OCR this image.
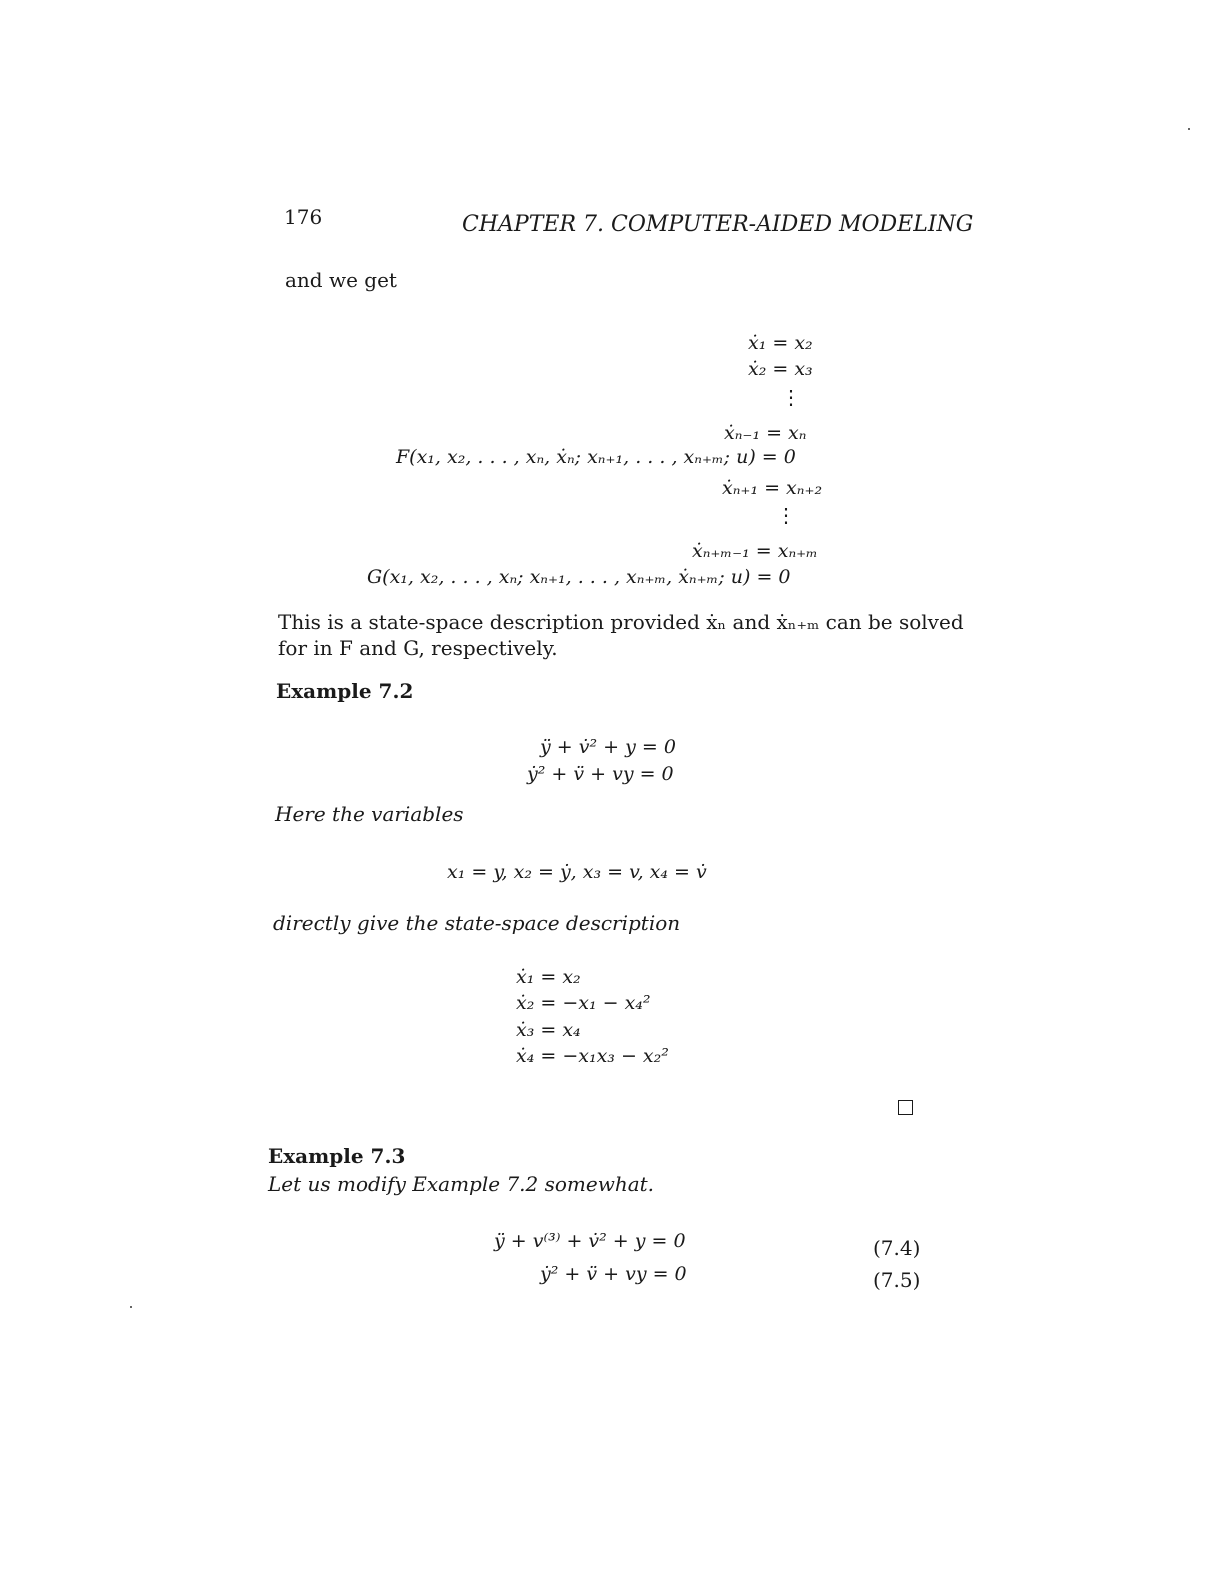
176	CHAPTER 7. COMPUTER-AIDED MODELING
and we get
ẋ₁ = x₂
ẋ₂ = x₃
⋮
ẋₙ₋₁ = xₙ
F(x₁, x₂, . . . , xₙ, ẋₙ; xₙ₊₁, . . . , xₙ₊ₘ; u) = 0
ẋₙ₊₁ = xₙ₊₂
⋮
ẋₙ₊ₘ₋₁ = xₙ₊ₘ
G(x₁, x₂, . . . , xₙ; xₙ₊₁, . . . , xₙ₊ₘ, ẋₙ₊ₘ; u) = 0
This is a state-space description provided ẋₙ and ẋₙ₊ₘ can be solved
for in F and G, respectively.
Example 7.2
ÿ + v̇² + y = 0
ẏ² + v̈ + vy = 0
Here the variables
x₁ = y, x₂ = ẏ, x₃ = v, x₄ = v̇
directly give the state-space description
ẋ₁ = x₂
ẋ₂ = −x₁ − x₄²
ẋ₃ = x₄
ẋ₄ = −x₁x₃ − x₂²
Example 7.3
Let us modify Example 7.2 somewhat.
ÿ + v⁽³⁾ + v̇² + y = 0	(7.4)
ẏ² + v̈ + vy = 0	(7.5)
